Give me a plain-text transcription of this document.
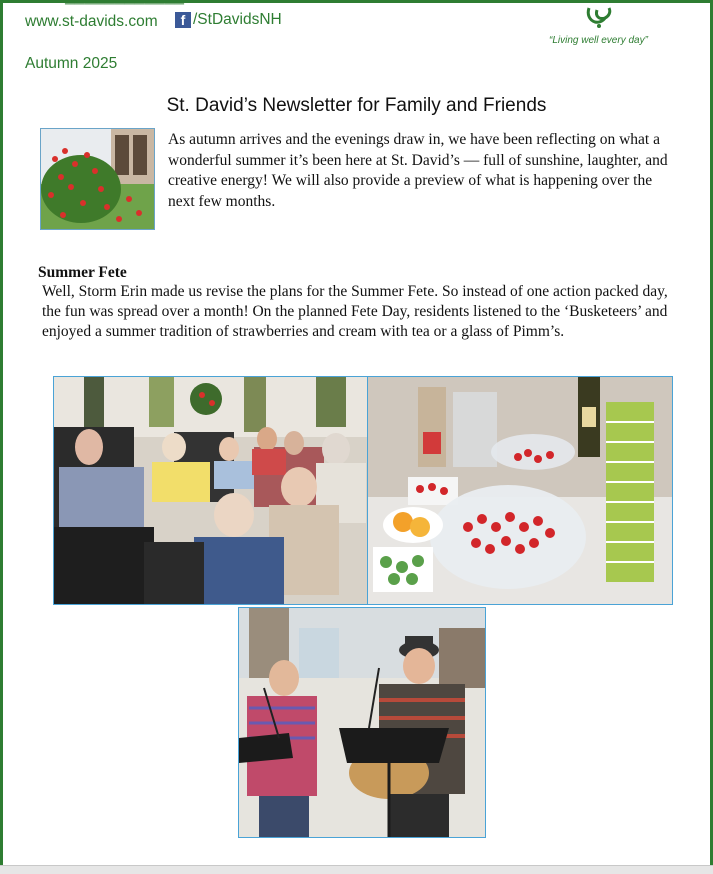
────────────
www.st-davids.com	f /StDavidsNH
“Living well every day”
Autumn 2025
St. David’s Newsletter for Family and Friends
As autumn arrives and the evenings draw in, we have been reflecting on what a wonderful summer it’s been here at St. David’s — full of sunshine, laughter, and creative energy! We will also provide a preview of what is happening over the next few months.
Summer Fete
Well, Storm Erin made us revise the plans for the Summer Fete. So instead of one action packed day, the fun was spread over a month! On the planned Fete Day, residents listened to the ‘Busketeers’ and enjoyed a summer tradition of strawberries and cream with tea or a glass of Pimm’s.
